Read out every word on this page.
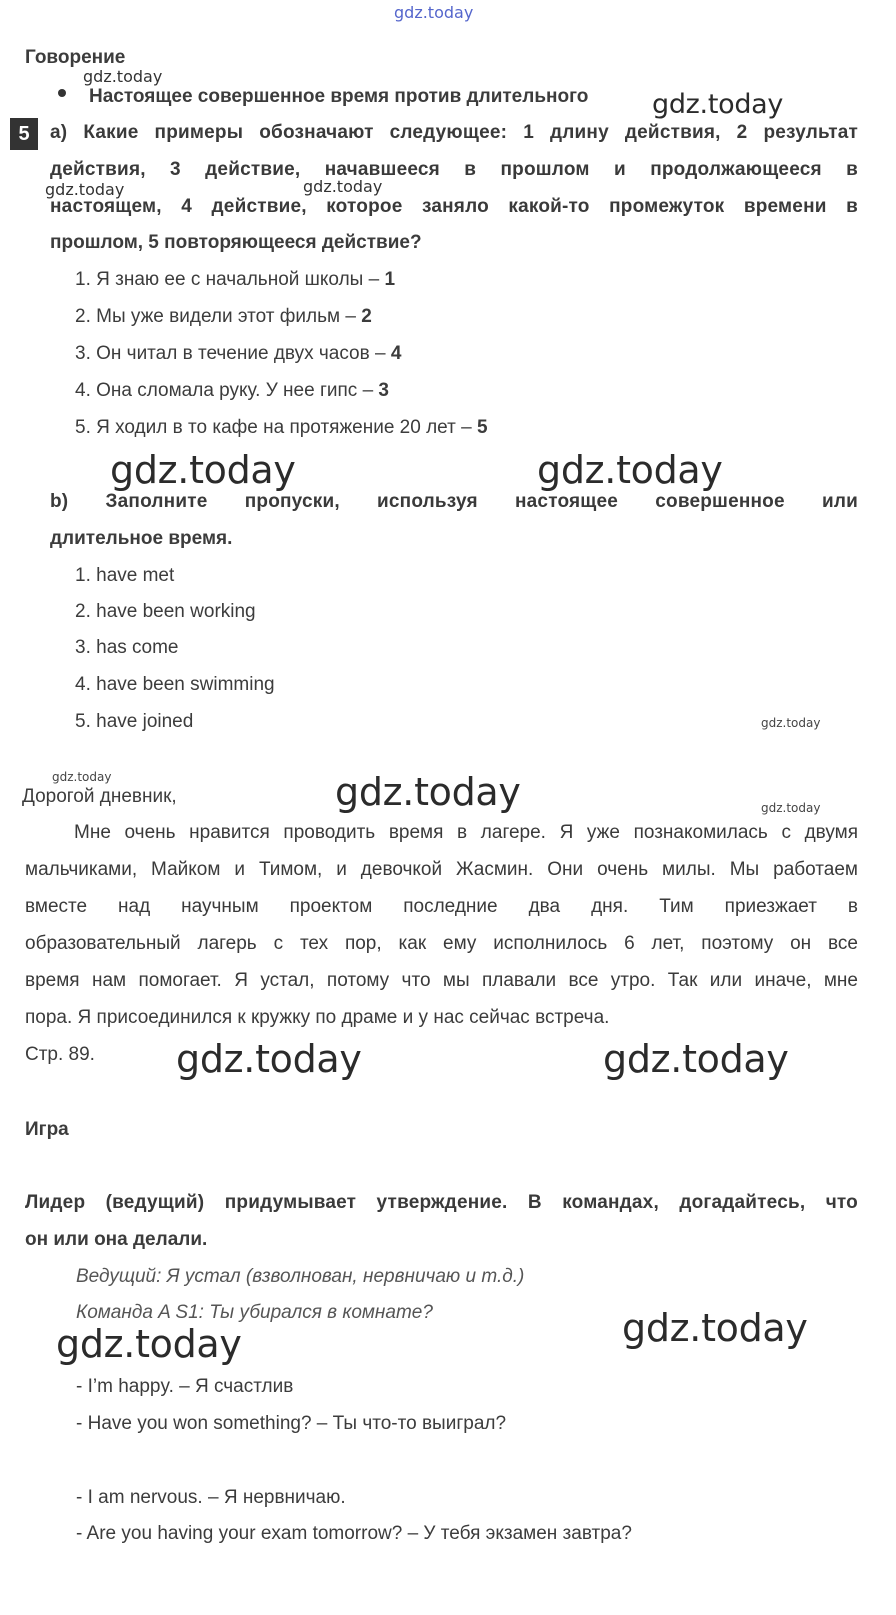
gdz.today
gdz.today
gdz.today
gdz.today	gdz.today
gdz.today	gdz.today
gdz.today
gdz.today	gdz.today	gdz.today
gdz.today	gdz.today
gdz.today
gdz.today
Говорение
Настоящее совершенное время против длительного
5 a) Какие примеры обозначают следующее: 1 длину действия, 2 результат
действия, 3 действие, начавшееся в прошлом и продолжающееся в
настоящем, 4 действие, которое заняло какой-то промежуток времени в
прошлом, 5 повторяющееся действие?
1. Я знаю ее с начальной школы – 1
2. Мы уже видели этот фильм – 2
3. Он читал в течение двух часов – 4
4. Она сломала руку. У нее гипс – 3
5. Я ходил в то кафе на протяжение 20 лет – 5
b) Заполните пропуски, используя настоящее совершенное или
длительное время.
1. have met
2. have been working
3. has come
4. have been swimming
5. have joined
Дорогой дневник,
Мне очень нравится проводить время в лагере. Я уже познакомилась с двумя
мальчиками, Майком и Тимом, и девочкой Жасмин. Они очень милы. Мы работаем
вместе над научным проектом последние два дня. Тим приезжает в
образовательный лагерь с тех пор, как ему исполнилось 6 лет, поэтому он все
время нам помогает. Я устал, потому что мы плавали все утро. Так или иначе, мне
пора. Я присоединился к кружку по драме и у нас сейчас встреча.
Стр. 89.
Игра
Лидер (ведущий) придумывает утверждение. В командах, догадайтесь, что
он или она делали.
Ведущий: Я устал (взволнован, нервничаю и т.д.)
Команда A S1: Ты убирался в комнате?
- I’m happy. – Я счастлив
- Have you won something? – Ты что-то выиграл?
- I am nervous. – Я нервничаю.
- Are you having your exam tomorrow? – У тебя экзамен завтра?
